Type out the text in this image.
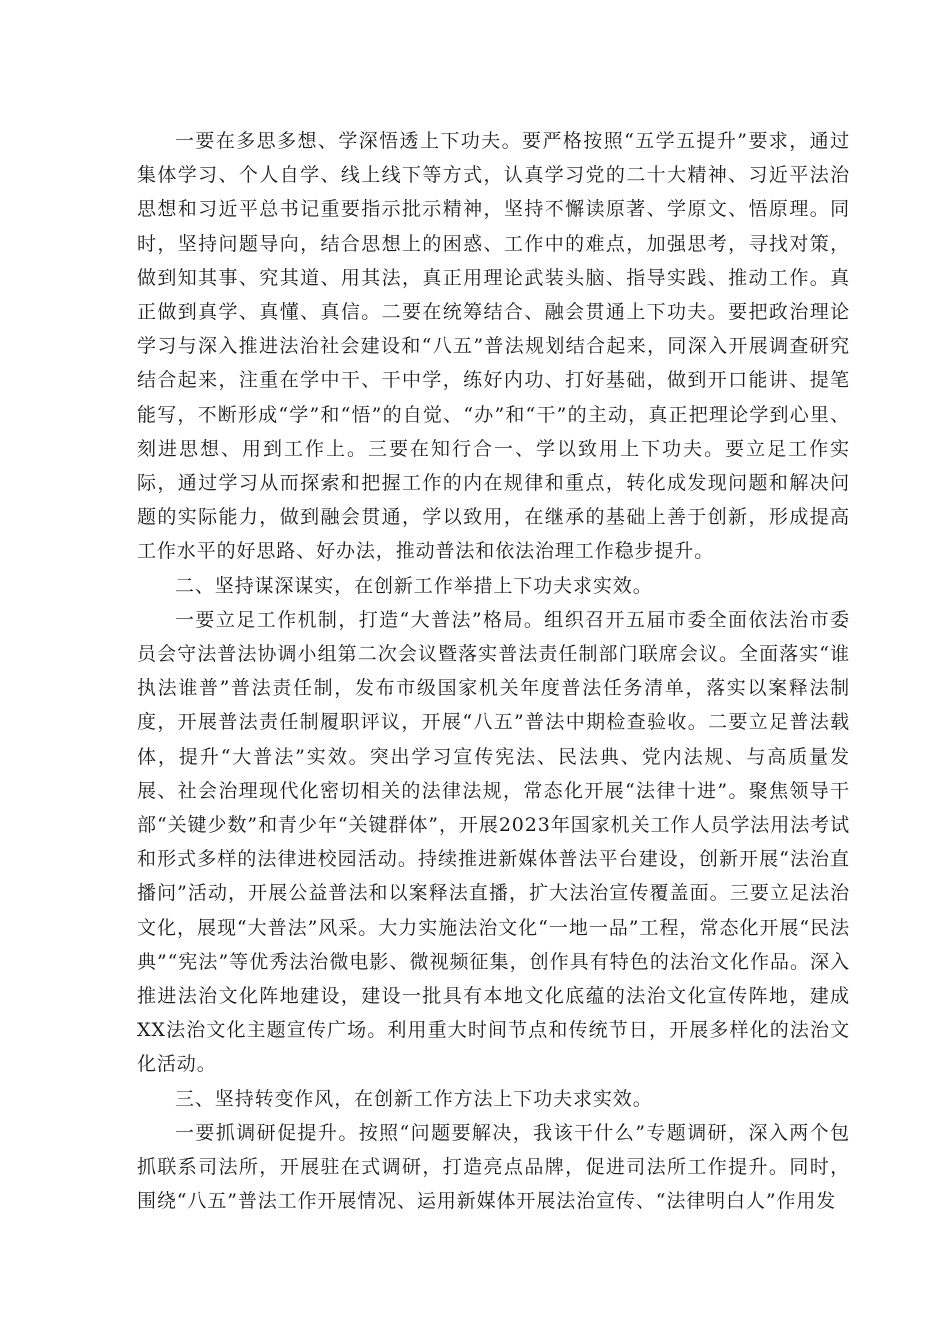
一要在多思多想、学深悟透上下功夫。要严格按照“五学五提升”要求，通过集体学习、个人自学、线上线下等方式，认真学习党的二十大精神、习近平法治思想和习近平总书记重要指示批示精神，坚持不懈读原著、学原文、悟原理。同时，坚持问题导向，结合思想上的困惑、工作中的难点，加强思考，寻找对策，做到知其事、究其道、用其法，真正用理论武装头脑、指导实践、推动工作。真正做到真学、真懂、真信。二要在统筹结合、融会贯通上下功夫。要把政治理论学习与深入推进法治社会建设和“八五”普法规划结合起来，同深入开展调查研究结合起来，注重在学中干、干中学，练好内功、打好基础，做到开口能讲、提笔能写，不断形成“学”和“悟”的自觉、“办”和“干”的主动，真正把理论学到心里、刻进思想、用到工作上。三要在知行合一、学以致用上下功夫。要立足工作实际，通过学习从而探索和把握工作的内在规律和重点，转化成发现问题和解决问题的实际能力，做到融会贯通，学以致用，在继承的基础上善于创新，形成提高工作水平的好思路、好办法，推动普法和依法治理工作稳步提升。

二、坚持谋深谋实，在创新工作举措上下功夫求实效。

一要立足工作机制，打造“大普法”格局。组织召开五届市委全面依法治市委员会守法普法协调小组第二次会议暨落实普法责任制部门联席会议。全面落实“谁执法谁普”普法责任制，发布市级国家机关年度普法任务清单，落实以案释法制度，开展普法责任制履职评议，开展“八五”普法中期检查验收。二要立足普法载体，提升“大普法”实效。突出学习宣传宪法、民法典、党内法规、与高质量发展、社会治理现代化密切相关的法律法规，常态化开展“法律十进”。聚焦领导干部“关键少数”和青少年“关键群体”，开展2023年国家机关工作人员学法用法考试和形式多样的法律进校园活动。持续推进新媒体普法平台建设，创新开展“法治直播问”活动，开展公益普法和以案释法直播，扩大法治宣传覆盖面。三要立足法治文化，展现“大普法”风采。大力实施法治文化“一地一品”工程，常态化开展“民法典”“宪法”等优秀法治微电影、微视频征集，创作具有特色的法治文化作品。深入推进法治文化阵地建设，建设一批具有本地文化底蕴的法治文化宣传阵地，建成XX法治文化主题宣传广场。利用重大时间节点和传统节日，开展多样化的法治文化活动。

三、坚持转变作风，在创新工作方法上下功夫求实效。

一要抓调研促提升。按照“问题要解决，我该干什么”专题调研，深入两个包抓联系司法所，开展驻在式调研，打造亮点品牌，促进司法所工作提升。同时，围绕“八五”普法工作开展情况、运用新媒体开展法治宣传、“法律明白人”作用发
